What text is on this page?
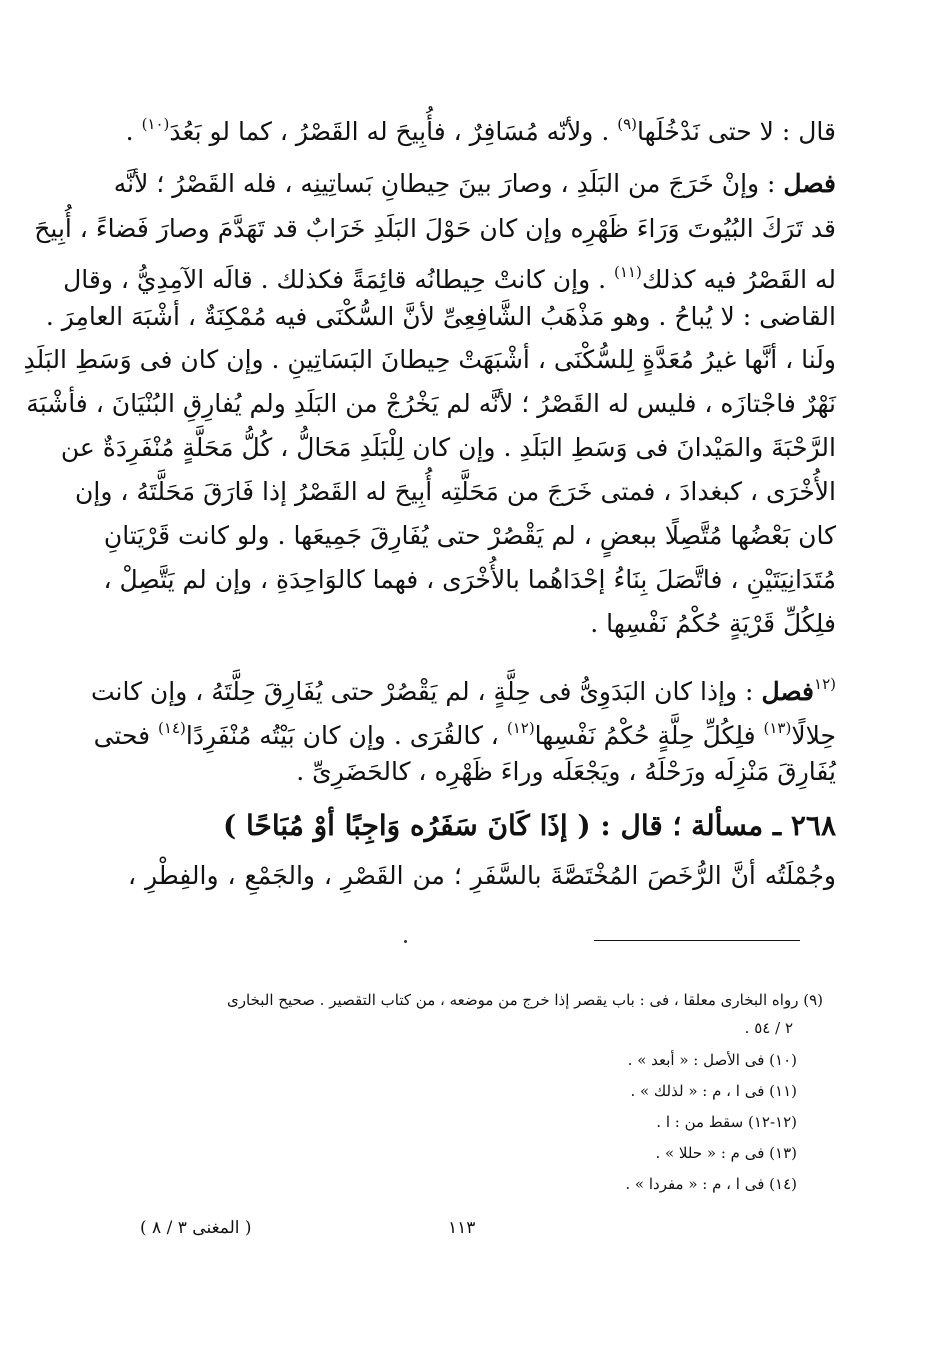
قال : لا حتى نَدْخُلَها$^{(٩)}$ . ولأنّه مُسَافِرٌ ، فأُبِيحَ له القَصْرُ ، كما لو بَعُدَ$^{(١٠)}$ .
فصل : وإنْ خَرَجَ من البَلَدِ ، وصارَ بينَ حِيطانِ بَساتِينِه ، فله القَصْرُ ؛ لأنَّه
قد تَرَكَ البُيُوتَ وَرَاءَ ظَهْرِه وإن كان حَوْلَ البَلَدِ خَرَابٌ قد تَهَدَّمَ وصارَ فَضاءً ، أُبِيحَ
له القَصْرُ فيه كذلك$^{(١١)}$ . وإن كانتْ حِيطانُه قائِمَةً فكذلك . قالَه الآمِدِيُّ ، وقال
القاضى : لا يُباحُ . وهو مَذْهَبُ الشَّافِعِىِّ لأنَّ السُّكْنَى فيه مُمْكِنَةٌ ، أشْبَهَ العامِرَ .
ولَنا ، أنَّها غيرُ مُعَدَّةٍ لِلسُّكْنَى ، أشْبَهَتْ حِيطانَ البَسَاتِينِ . وإن كان فى وَسَطِ البَلَدِ
نَهْرٌ فاجْتازَه ، فليس له القَصْرُ ؛ لأنَّه لم يَخْرُجْ من البَلَدِ ولم يُفارِقِ البُنْيَانَ ، فأشْبَهَ
الرَّحْبَةَ والمَيْدانَ فى وَسَطِ البَلَدِ . وإن كان لِلْبَلَدِ مَحَالُّ ، كُلُّ مَحَلَّةٍ مُنْفَرِدَةٌ عن
الأُخْرَى ، كبغدادَ ، فمتى خَرَجَ من مَحَلَّتِه أُبِيحَ له القَصْرُ إذا فَارَقَ مَحَلَّتَهُ ، وإن
كان بَعْضُها مُتَّصِلًا ببعضٍ ، لم يَقْصُرْ حتى يُفَارِقَ جَمِيعَها . ولو كانت قَرْيَتانِ
مُتَدَانِيَتَيْنِ ، فاتَّصَلَ بِنَاءُ إحْدَاهُما بالأُخْرَى ، فهما كالوَاحِدَةِ ، وإن لم يَتَّصِلْ ،
فلِكُلِّ قَرْيَةٍ حُكْمُ نَفْسِها .
$^{(١٢}$فصل : وإذا كان البَدَوِىُّ فى حِلَّةٍ ، لم يَقْصُرْ حتى يُفَارِقَ حِلَّتَهُ ، وإن كانت
حِلالًا$^{(١٣)}$ فلِكُلِّ حِلَّةٍ حُكْمُ نَفْسِها$^{(١٢)}$ ، كالقُرَى . وإن كان بَيْتُه مُنْفَرِدًا$^{(١٤)}$ فحتى
يُفَارِقَ مَنْزِلَه ورَحْلَهُ ، ويَجْعَلَه وراءَ ظَهْرِه ، كالحَضَرِىِّ .
٢٦٨ ـ مسألة ؛ قال : ( إذَا كَانَ سَفَرُه وَاجِبًا أوْ مُبَاحًا )
وجُمْلَتُه أنَّ الرُّخَصَ المُخْتَصَّةَ بالسَّفَرِ ؛ من القَصْرِ ، والجَمْعِ ، والفِطْرِ ،
(٩) رواه البخارى معلقا ، فى : باب يقصر إذا خرج من موضعه ، من كتاب التقصير . صحيح البخارى
٢ / ٥٤ .
(١٠) فى الأصل : « أبعد » .
(١١) فى ا ، م : « لذلك » .
(١٢-١٢) سقط من : ا .
(١٣) فى م : « حللا » .
(١٤) فى ا ، م : « مفردا » .
١١٣
( المغنى ٣ / ٨ )
